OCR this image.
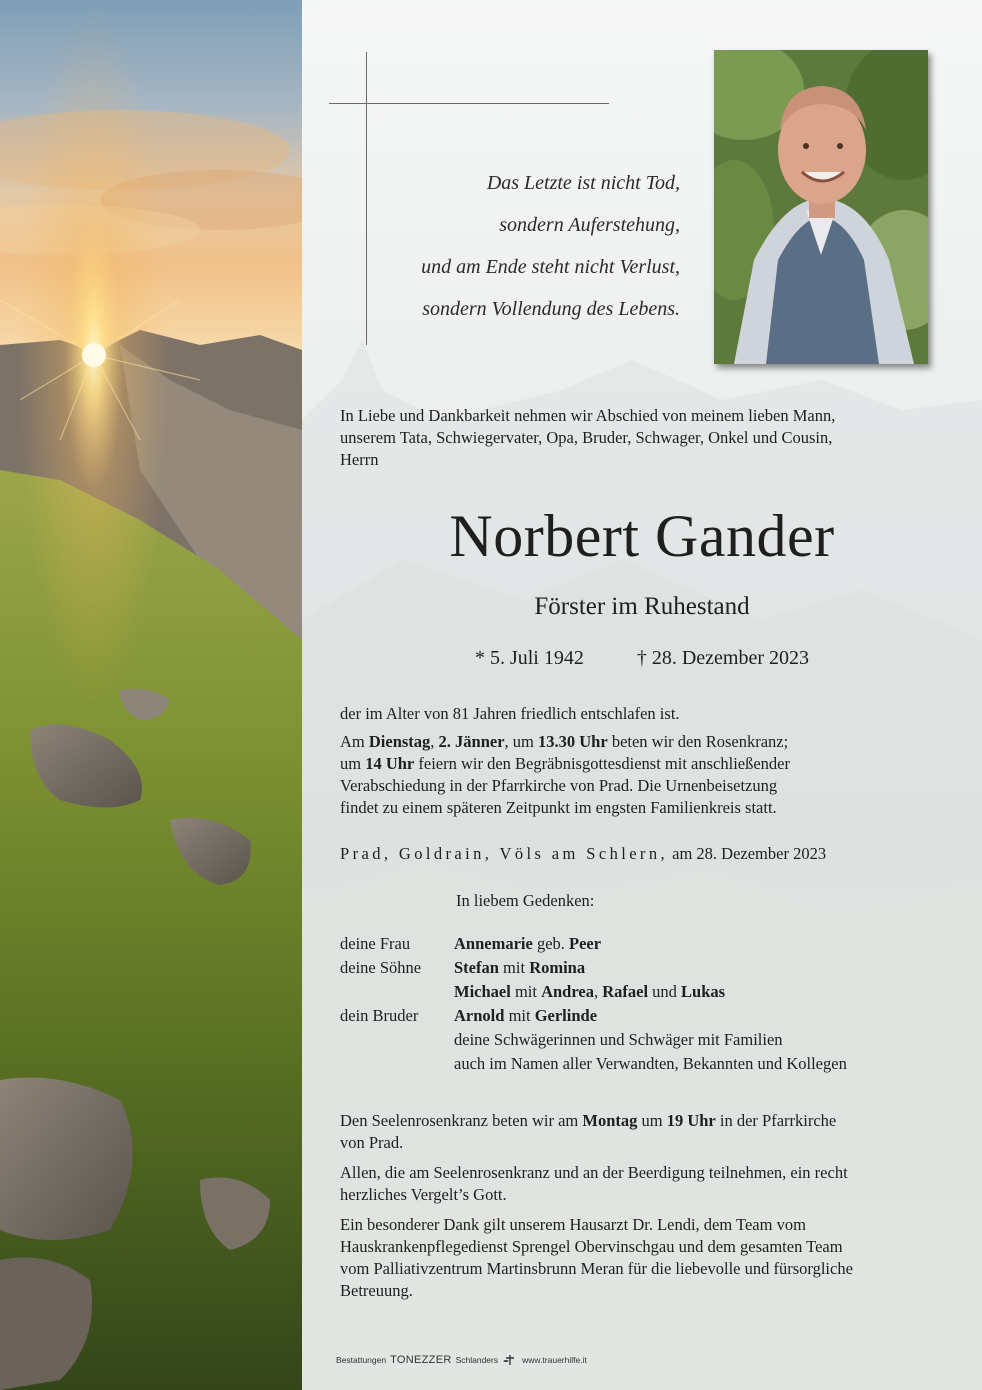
Das Letzte ist nicht Tod,
sondern Auferstehung,
und am Ende steht nicht Verlust,
sondern Vollendung des Lebens.
In Liebe und Dankbarkeit nehmen wir Abschied von meinem lieben Mann,
unserem Tata, Schwiegervater, Opa, Bruder, Schwager, Onkel und Cousin,
Herrn
Norbert Gander
Förster im Ruhestand
* 5. Juli 1942	† 28. Dezember 2023
der im Alter von 81 Jahren friedlich entschlafen ist.
Am Dienstag, 2. Jänner, um 13.30 Uhr beten wir den Rosenkranz;
um 14 Uhr feiern wir den Begräbnisgottesdienst mit anschließender
Verabschiedung in der Pfarrkirche von Prad. Die Urnenbeisetzung
findet zu einem späteren Zeitpunkt im engsten Familienkreis statt.
Prad, Goldrain, Völs am Schlern, am 28. Dezember 2023
In liebem Gedenken:
deine Frau	Annemarie geb. Peer
deine Söhne	Stefan mit Romina
Michael mit Andrea, Rafael und Lukas
dein Bruder	Arnold mit Gerlinde
deine Schwägerinnen und Schwäger mit Familien
auch im Namen aller Verwandten, Bekannten und Kollegen
Den Seelenrosenkranz beten wir am Montag um 19 Uhr in der Pfarrkirche
von Prad.
Allen, die am Seelenrosenkranz und an der Beerdigung teilnehmen, ein recht
herzliches Vergelt’s Gott.
Ein besonderer Dank gilt unserem Hausarzt Dr. Lendi, dem Team vom
Hauskrankenpflegedienst Sprengel Obervinschgau und dem gesamten Team
vom Palliativzentrum Martinsbrunn Meran für die liebevolle und fürsorgliche
Betreuung.
Bestattungen TONEZZER Schlanders	www.trauerhilfe.it
